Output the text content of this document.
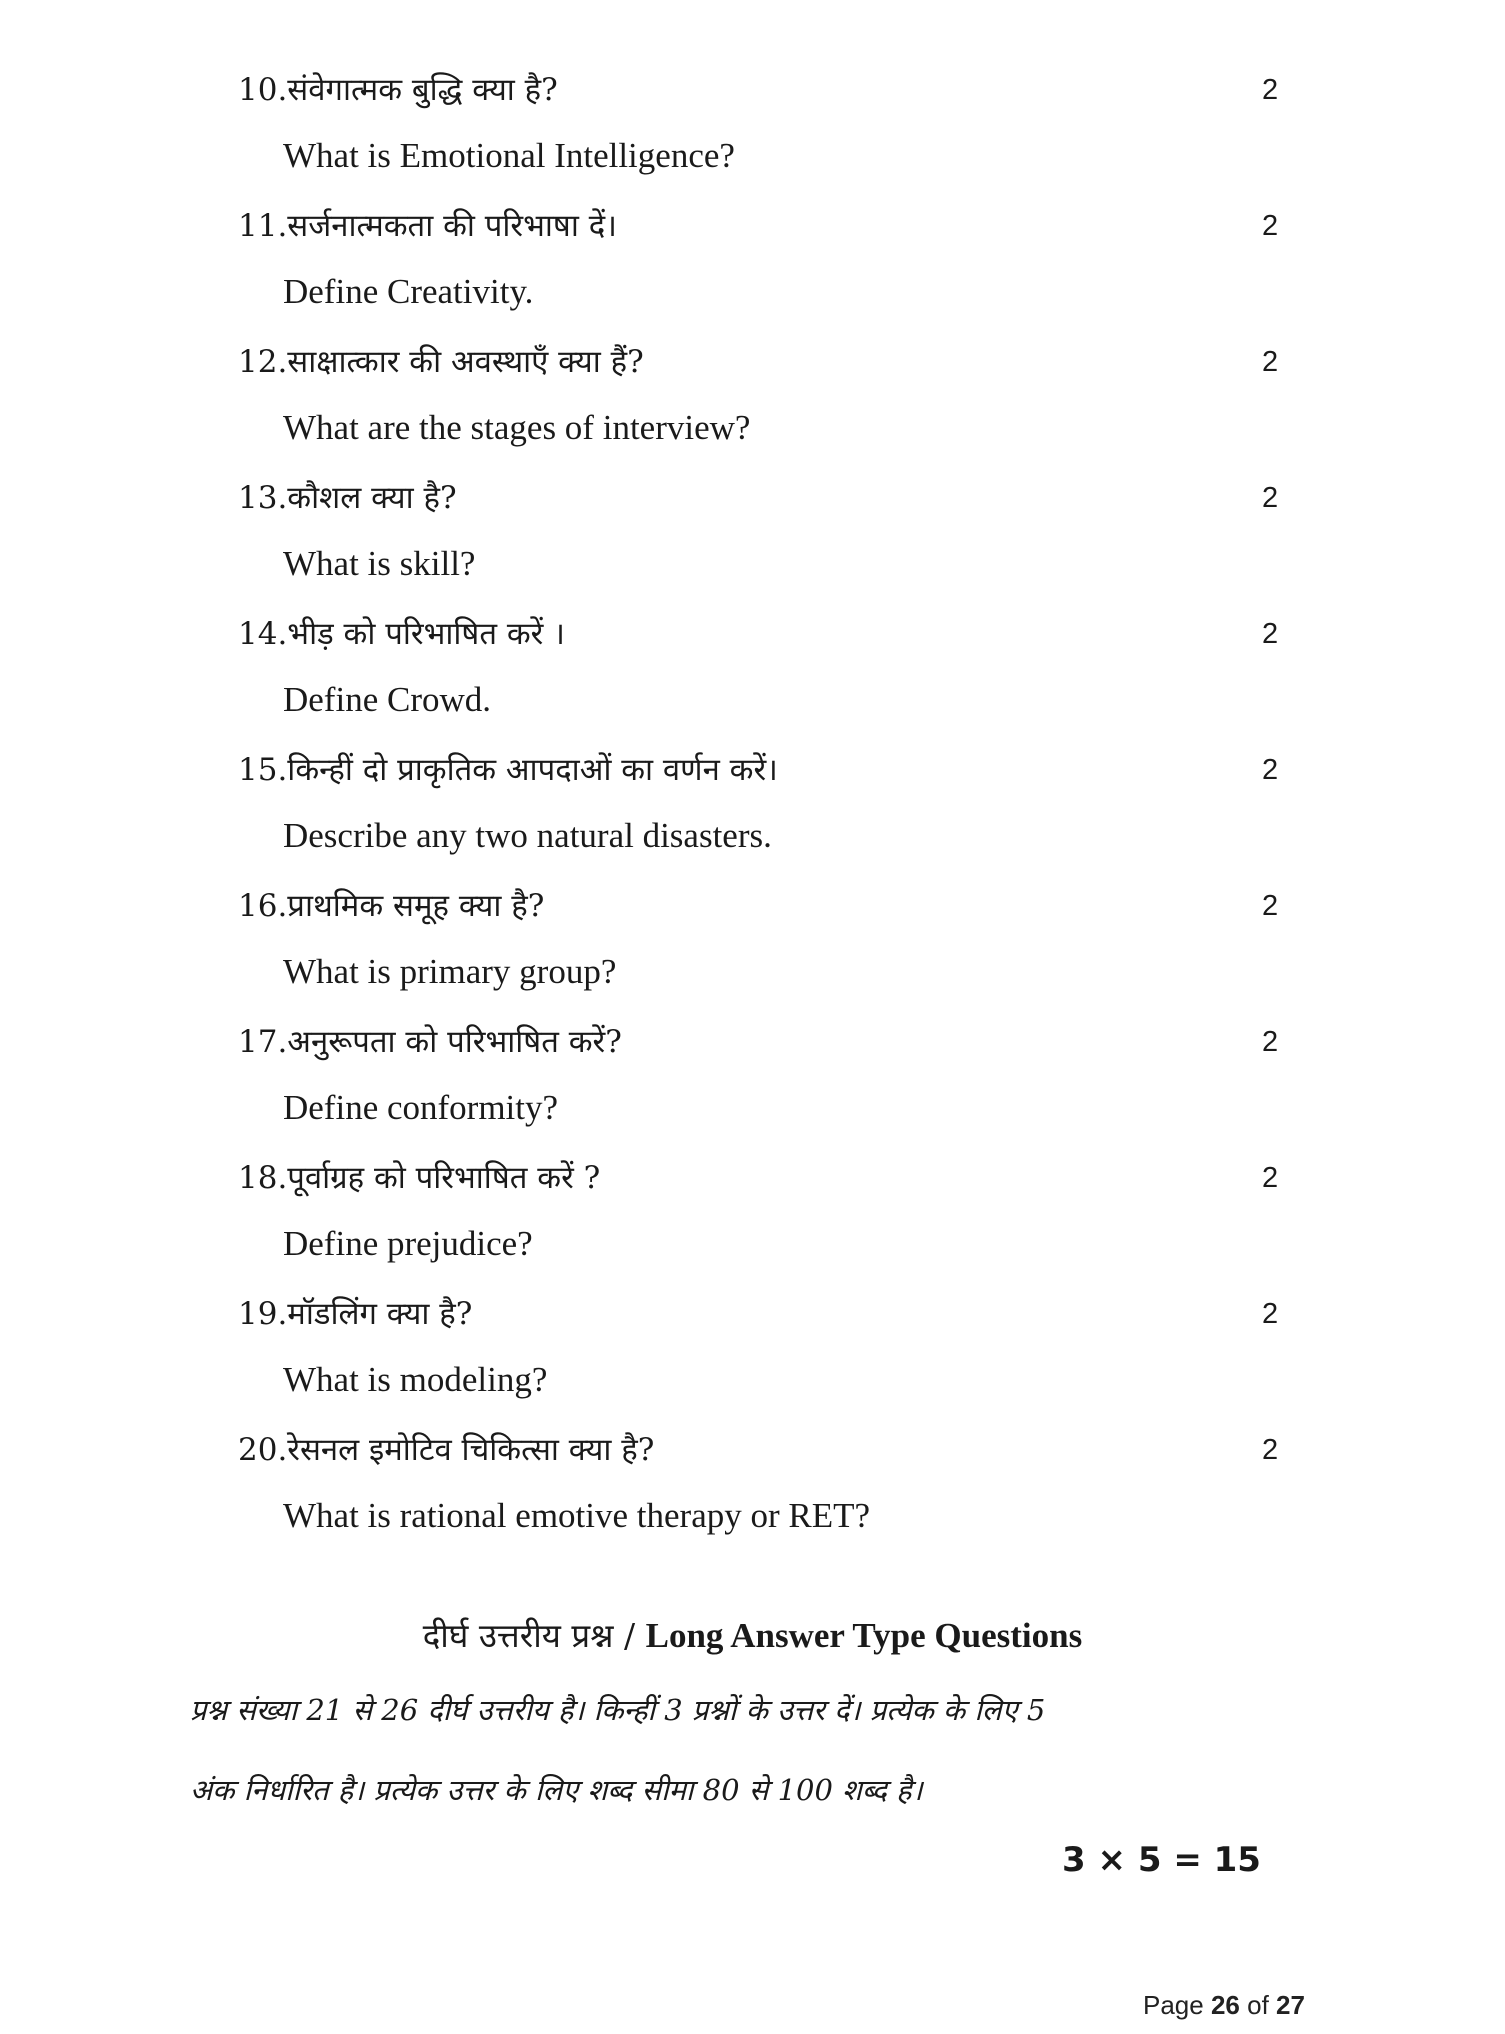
10.संवेगात्मक बुद्धि क्या है?	2
What is Emotional Intelligence?
11.सर्जनात्मकता की परिभाषा दें।	2
Define Creativity.
12.साक्षात्कार की अवस्थाएँ क्या हैं?	2
What are the stages of interview?
13.कौशल क्या है?	2
What is skill?
14.भीड़ को परिभाषित करें ।	2
Define Crowd.
15.किन्हीं दो प्राकृतिक आपदाओं का वर्णन करें।	2
Describe any two natural disasters.
16.प्राथमिक समूह क्या है?	2
What is primary group?
17.अनुरूपता को परिभाषित करें?	2
Define conformity?
18.पूर्वाग्रह को परिभाषित करें ?	2
Define prejudice?
19.मॉडलिंग क्या है?	2
What is modeling?
20.रेसनल इमोटिव चिकित्सा क्या है?	2
What is rational emotive therapy or RET?
दीर्घ उत्तरीय प्रश्न / Long Answer Type Questions
प्रश्न संख्या 21 से 26 दीर्घ उत्तरीय है। किन्हीं 3 प्रश्नों के उत्तर दें। प्रत्येक के लिए 5
अंक निर्धारित है। प्रत्येक उत्तर के लिए शब्द सीमा 80 से 100 शब्द है।
3 × 5 = 15
Page 26 of 27
